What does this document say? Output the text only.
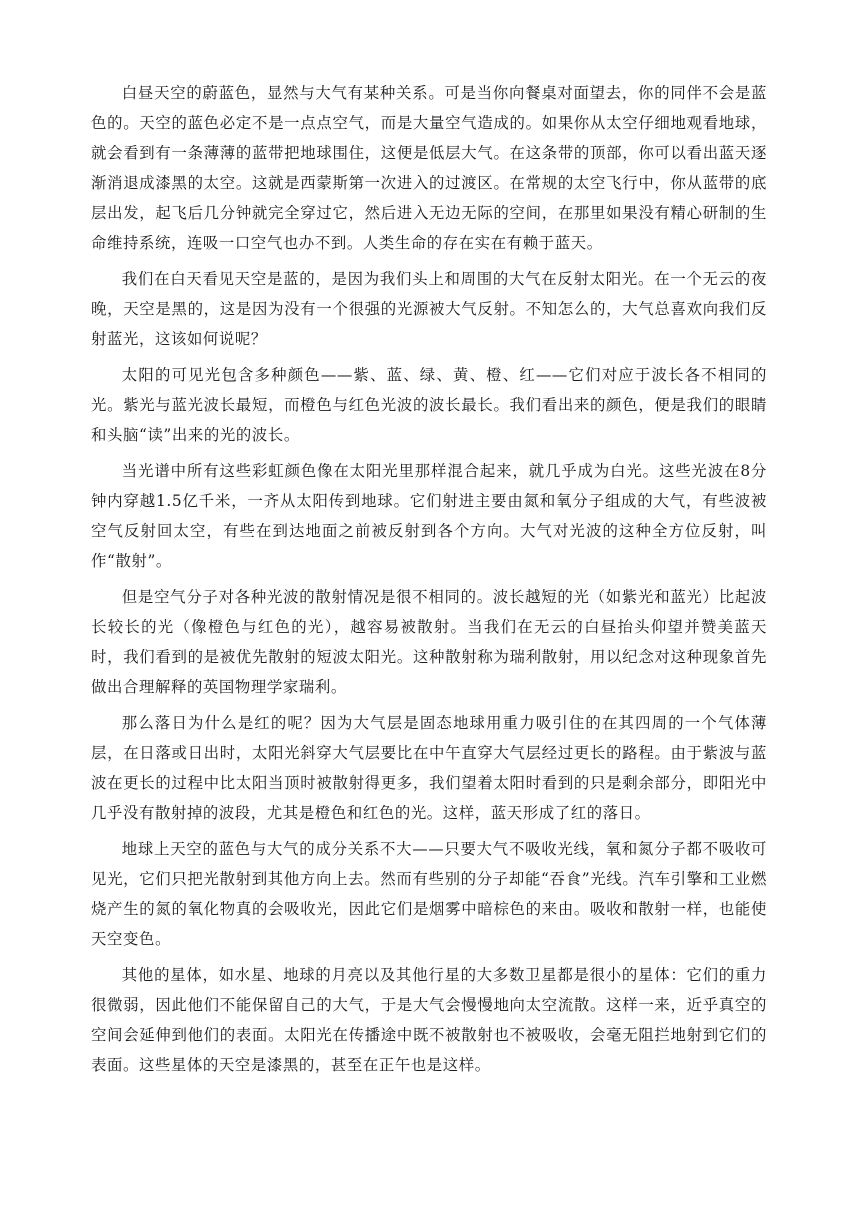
白昼天空的蔚蓝色，显然与大气有某种关系。可是当你向餐桌对面望去，你的同伴不会是蓝色的。天空的蓝色必定不是一点点空气，而是大量空气造成的。如果你从太空仔细地观看地球，就会看到有一条薄薄的蓝带把地球围住，这便是低层大气。在这条带的顶部，你可以看出蓝天逐渐消退成漆黑的太空。这就是西蒙斯第一次进入的过渡区。在常规的太空飞行中，你从蓝带的底层出发，起飞后几分钟就完全穿过它，然后进入无边无际的空间，在那里如果没有精心研制的生命维持系统，连吸一口空气也办不到。人类生命的存在实在有赖于蓝天。

我们在白天看见天空是蓝的，是因为我们头上和周围的大气在反射太阳光。在一个无云的夜晚，天空是黑的，这是因为没有一个很强的光源被大气反射。不知怎么的，大气总喜欢向我们反射蓝光，这该如何说呢？

太阳的可见光包含多种颜色——紫、蓝、绿、黄、橙、红——它们对应于波长各不相同的光。紫光与蓝光波长最短，而橙色与红色光波的波长最长。我们看出来的颜色，便是我们的眼睛和头脑“读”出来的光的波长。

当光谱中所有这些彩虹颜色像在太阳光里那样混合起来，就几乎成为白光。这些光波在8分钟内穿越1.5亿千米，一齐从太阳传到地球。它们射进主要由氮和氧分子组成的大气，有些波被空气反射回太空，有些在到达地面之前被反射到各个方向。大气对光波的这种全方位反射，叫作“散射”。

但是空气分子对各种光波的散射情况是很不相同的。波长越短的光（如紫光和蓝光）比起波长较长的光（像橙色与红色的光），越容易被散射。当我们在无云的白昼抬头仰望并赞美蓝天时，我们看到的是被优先散射的短波太阳光。这种散射称为瑞利散射，用以纪念对这种现象首先做出合理解释的英国物理学家瑞利。

那么落日为什么是红的呢？因为大气层是固态地球用重力吸引住的在其四周的一个气体薄层，在日落或日出时，太阳光斜穿大气层要比在中午直穿大气层经过更长的路程。由于紫波与蓝波在更长的过程中比太阳当顶时被散射得更多，我们望着太阳时看到的只是剩余部分，即阳光中几乎没有散射掉的波段，尤其是橙色和红色的光。这样，蓝天形成了红的落日。

地球上天空的蓝色与大气的成分关系不大——只要大气不吸收光线，氧和氮分子都不吸收可见光，它们只把光散射到其他方向上去。然而有些别的分子却能“吞食”光线。汽车引擎和工业燃烧产生的氮的氧化物真的会吸收光，因此它们是烟雾中暗棕色的来由。吸收和散射一样，也能使天空变色。

其他的星体，如水星、地球的月亮以及其他行星的大多数卫星都是很小的星体：它们的重力很微弱，因此他们不能保留自己的大气，于是大气会慢慢地向太空流散。这样一来，近乎真空的空间会延伸到他们的表面。太阳光在传播途中既不被散射也不被吸收，会毫无阻拦地射到它们的表面。这些星体的天空是漆黑的，甚至在正午也是这样。
